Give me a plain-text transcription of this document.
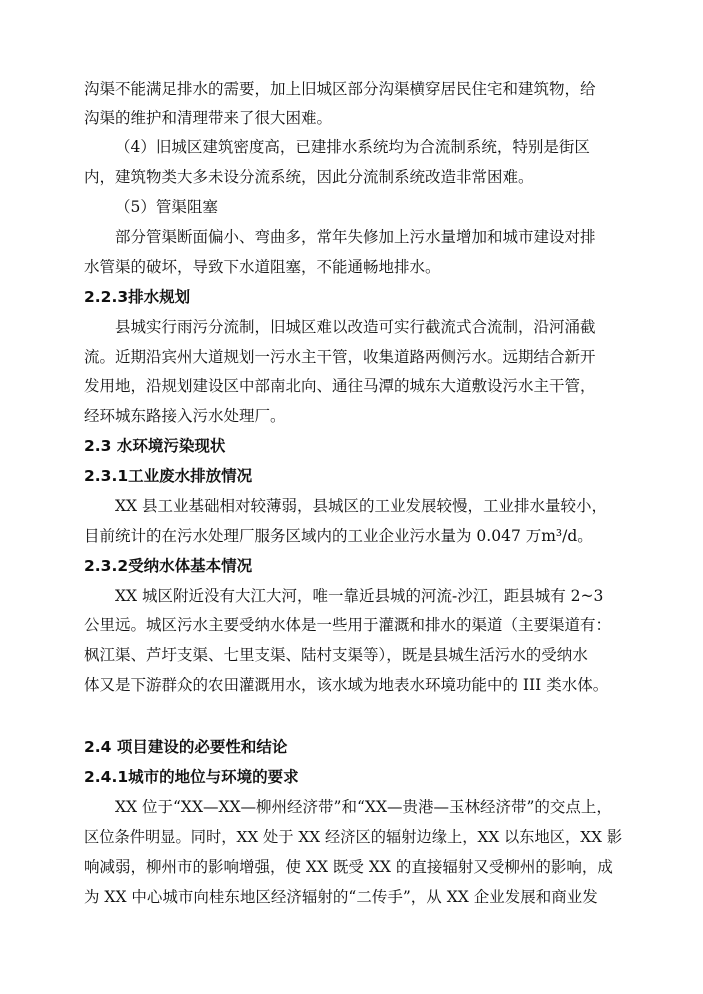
沟渠不能满足排水的需要，加上旧城区部分沟渠横穿居民住宅和建筑物，给
沟渠的维护和清理带来了很大困难。
（4）旧城区建筑密度高，已建排水系统均为合流制系统，特别是街区
内，建筑物类大多未设分流系统，因此分流制系统改造非常困难。
（5）管渠阻塞
部分管渠断面偏小、弯曲多，常年失修加上污水量增加和城市建设对排
水管渠的破坏，导致下水道阻塞，不能通畅地排水。
2.2.3排水规划
县城实行雨污分流制，旧城区难以改造可实行截流式合流制，沿河涌截
流。近期沿宾州大道规划一污水主干管，收集道路两侧污水。远期结合新开
发用地，沿规划建设区中部南北向、通往马潭的城东大道敷设污水主干管，
经环城东路接入污水处理厂。
2.3 水环境污染现状
2.3.1工业废水排放情况
XX 县工业基础相对较薄弱，县城区的工业发展较慢，工业排水量较小，
目前统计的在污水处理厂服务区域内的工业企业污水量为 0.047 万m³/d。
2.3.2受纳水体基本情况
XX 城区附近没有大江大河，唯一靠近县城的河流-沙江，距县城有 2~3
公里远。城区污水主要受纳水体是一些用于灌溉和排水的渠道（主要渠道有：
枫江渠、芦圩支渠、七里支渠、陆村支渠等），既是县城生活污水的受纳水
体又是下游群众的农田灌溉用水，该水域为地表水环境功能中的 III 类水体。
2.4 项目建设的必要性和结论
2.4.1城市的地位与环境的要求
XX 位于“XX—XX—柳州经济带”和“XX—贵港—玉林经济带”的交点上，
区位条件明显。同时，XX 处于 XX 经济区的辐射边缘上，XX 以东地区，XX 影
响减弱，柳州市的影响增强，使 XX 既受 XX 的直接辐射又受柳州的影响，成
为 XX 中心城市向桂东地区经济辐射的“二传手”，从 XX 企业发展和商业发
